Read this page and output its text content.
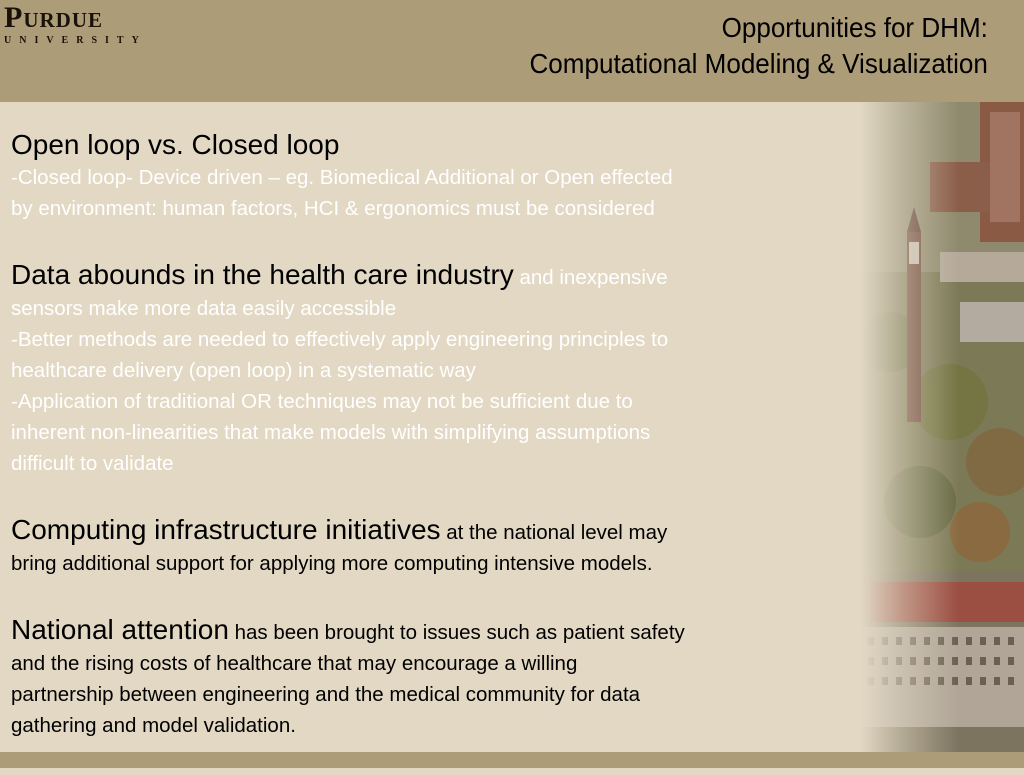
Purdue
UNIVERSITY	Opportunities for DHM:
Computational Modeling & Visualization
Open loop vs. Closed loop
-Closed loop- Device driven – eg. Biomedical Additional or Open effected
by environment: human factors, HCI & ergonomics must be considered
Data abounds in the health care industry and inexpensive
sensors make more data easily accessible
-Better methods are needed to effectively apply engineering principles to
healthcare delivery (open loop) in a systematic way
-Application of traditional OR techniques may not be sufficient due to
inherent non-linearities that make models with simplifying assumptions
difficult to validate
Computing infrastructure initiatives at the national level may
bring additional support for applying more computing intensive models.
National attention has been brought to issues such as patient safety
and the rising costs of healthcare that may encourage a willing
partnership between engineering and the medical community for data
gathering and model validation.
